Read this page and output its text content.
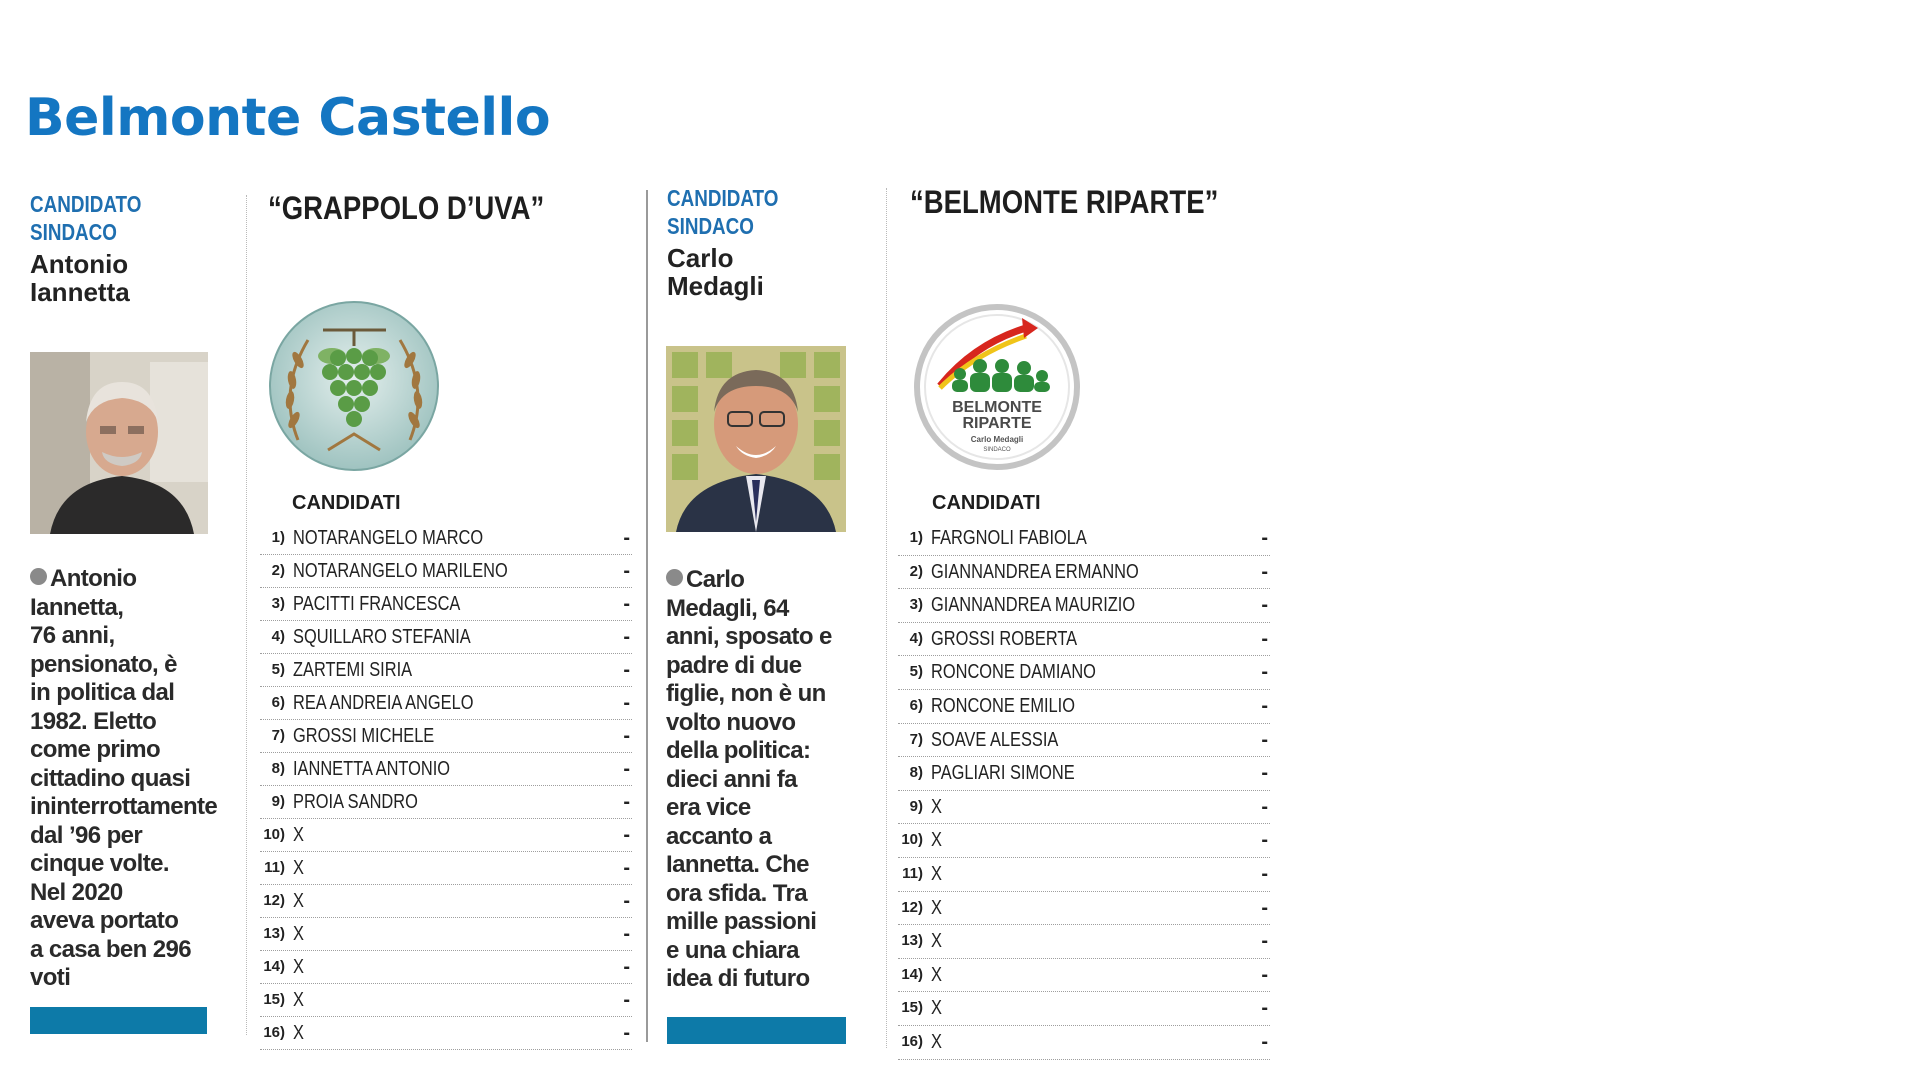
Belmonte Castello

CANDIDATO
SINDACO

Antonio
Iannetta

Antonio
Iannetta,
76 anni,
pensionato, è
in politica dal
1982. Eletto
come primo
cittadino quasi
ininterrottamente
dal ’96 per
cinque volte.
Nel 2020
aveva portato
a casa ben 296
voti
“GRAPPOLO D’UVA”
CANDIDATI
1) NOTARANGELO MARCO	-
2) NOTARANGELO MARILENO	-
3) PACITTI FRANCESCA	-
4) SQUILLARO STEFANIA	-
5) ZARTEMI SIRIA	-
6) REA ANDREIA ANGELO	-
7) GROSSI MICHELE	-
8) IANNETTA ANTONIO	-
9) PROIA SANDRO	-
10) X	-
11) X	-
12) X	-
13) X	-
14) X	-
15) X	-
16) X	-

CANDIDATO
SINDACO

Carlo
Medagli

Carlo
Medagli, 64
anni, sposato e
padre di due
figlie, non è un
volto nuovo
della politica:
dieci anni fa
era vice
accanto a
Iannetta. Che
ora sfida. Tra
mille passioni
e una chiara
idea di futuro
“BELMONTE RIPARTE”
BELMONTE
RIPARTE
Carlo Medagli
SINDACO
CANDIDATI
1) FARGNOLI FABIOLA	-
2) GIANNANDREA ERMANNO	-
3) GIANNANDREA MAURIZIO	-
4) GROSSI ROBERTA	-
5) RONCONE DAMIANO	-
6) RONCONE EMILIO	-
7) SOAVE ALESSIA	-
8) PAGLIARI SIMONE	-
9) X	-
10) X	-
11) X	-
12) X	-
13) X	-
14) X	-
15) X	-
16) X	-
